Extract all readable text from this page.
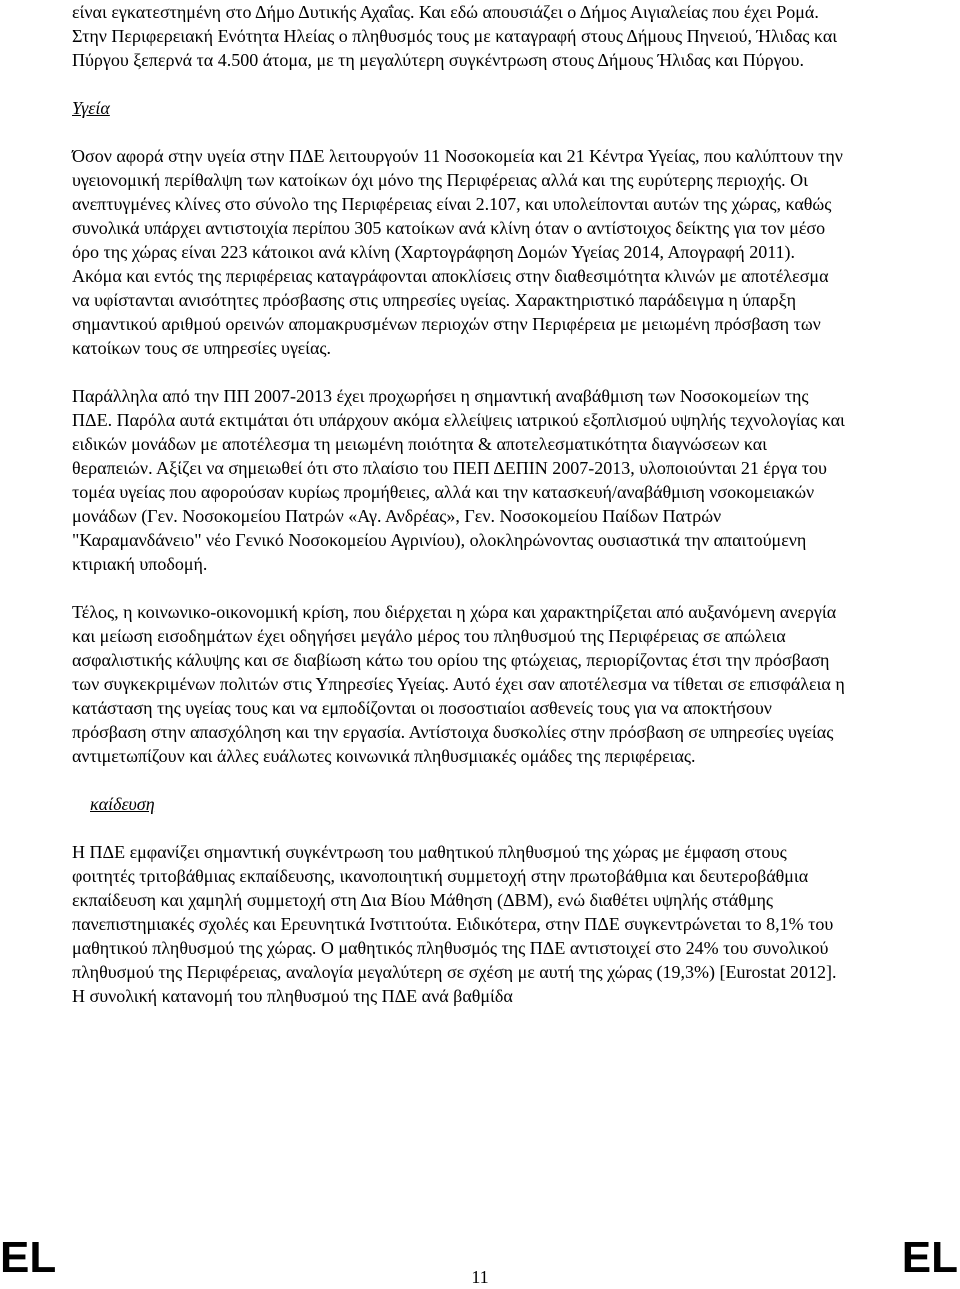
είναι εγκατεστημένη στο Δήμο Δυτικής Αχαΐας. Και εδώ απουσιάζει ο Δήμος Αιγιαλείας που έχει Ρομά. Στην Περιφερειακή Ενότητα Ηλείας ο πληθυσμός τους με καταγραφή στους Δήμους Πηνειού, Ήλιδας και Πύργου ξεπερνά τα 4.500 άτομα, με τη μεγαλύτερη συγκέντρωση στους Δήμους Ήλιδας και Πύργου.

Υγεία

Όσον αφορά στην υγεία στην ΠΔΕ λειτουργούν 11 Νοσοκομεία και 21 Κέντρα Υγείας, που καλύπτουν την υγειονομική περίθαλψη των κατοίκων όχι μόνο της Περιφέρειας αλλά και της ευρύτερης περιοχής. Οι ανεπτυγμένες κλίνες στο σύνολο της Περιφέρειας είναι 2.107, και υπολείπονται αυτών της χώρας, καθώς συνολικά υπάρχει αντιστοιχία περίπου 305 κατοίκων ανά κλίνη όταν ο αντίστοιχος δείκτης για τον μέσο όρο της χώρας είναι 223 κάτοικοι ανά κλίνη (Χαρτογράφηση Δομών Υγείας 2014, Απογραφή 2011). Ακόμα και εντός της περιφέρειας καταγράφονται αποκλίσεις στην διαθεσιμότητα κλινών με αποτέλεσμα να υφίστανται ανισότητες πρόσβασης στις υπηρεσίες υγείας. Χαρακτηριστικό παράδειγμα η ύπαρξη σημαντικού αριθμού ορεινών απομακρυσμένων περιοχών στην Περιφέρεια με μειωμένη πρόσβαση των κατοίκων τους σε υπηρεσίες υγείας.

Παράλληλα από την ΠΠ 2007-2013 έχει προχωρήσει η σημαντική αναβάθμιση των Νοσοκομείων της ΠΔΕ. Παρόλα αυτά εκτιμάται ότι υπάρχουν ακόμα ελλείψεις ιατρικού εξοπλισμού υψηλής τεχνολογίας και ειδικών μονάδων με αποτέλεσμα τη μειωμένη ποιότητα & αποτελεσματικότητα διαγνώσεων και θεραπειών. Αξίζει να σημειωθεί ότι στο πλαίσιο του ΠΕΠ ΔΕΠΙΝ 2007-2013, υλοποιούνται 21 έργα του τομέα υγείας που αφορούσαν κυρίως προμήθειες, αλλά και την κατασκευή/αναβάθμιση νσοκομειακών μονάδων (Γεν. Νοσοκομείου Πατρών «Αγ. Ανδρέας», Γεν. Νοσοκομείου Παίδων Πατρών "Καραμανδάνειο" νέο Γενικό Νοσοκομείου Αγρινίου), ολοκληρώνοντας ουσιαστικά την απαιτούμενη κτιριακή υποδομή.

Τέλος, η κοινωνικο-οικονομική κρίση, που διέρχεται η χώρα και χαρακτηρίζεται από αυξανόμενη ανεργία και μείωση εισοδημάτων έχει οδηγήσει μεγάλο μέρος του πληθυσμού της Περιφέρειας σε απώλεια ασφαλιστικής κάλυψης και σε διαβίωση κάτω του ορίου της φτώχειας, περιορίζοντας έτσι την πρόσβαση των συγκεκριμένων πολιτών στις Υπηρεσίες Υγείας. Αυτό έχει σαν αποτέλεσμα να τίθεται σε επισφάλεια η κατάσταση της υγείας τους και να εμποδίζονται οι ποσοστιαίοι ασθενείς τους για να αποκτήσουν πρόσβαση στην απασχόληση και την εργασία. Αντίστοιχα δυσκολίες στην πρόσβαση σε υπηρεσίες υγείας αντιμετωπίζουν και άλλες ευάλωτες κοινωνικά πληθυσμιακές ομάδες της περιφέρειας.

καίδευση

Η ΠΔΕ εμφανίζει σημαντική συγκέντρωση του μαθητικού πληθυσμού της χώρας με έμφαση στους φοιτητές τριτοβάθμιας εκπαίδευσης, ικανοποιητική συμμετοχή στην πρωτοβάθμια και δευτεροβάθμια εκπαίδευση και χαμηλή συμμετοχή στη Δια Βίου Μάθηση (ΔΒΜ), ενώ διαθέτει υψηλής στάθμης πανεπιστημιακές σχολές και Ερευνητικά Ινστιτούτα. Ειδικότερα, στην ΠΔΕ συγκεντρώνεται το 8,1% του μαθητικού πληθυσμού της χώρας. Ο μαθητικός πληθυσμός της ΠΔΕ αντιστοιχεί στο 24% του συνολικού πληθυσμού της Περιφέρειας, αναλογία μεγαλύτερη σε σχέση με αυτή της χώρας (19,3%) [Eurostat 2012]. Η συνολική κατανομή του πληθυσμού της ΠΔΕ ανά βαθμίδα

EL	11	EL
